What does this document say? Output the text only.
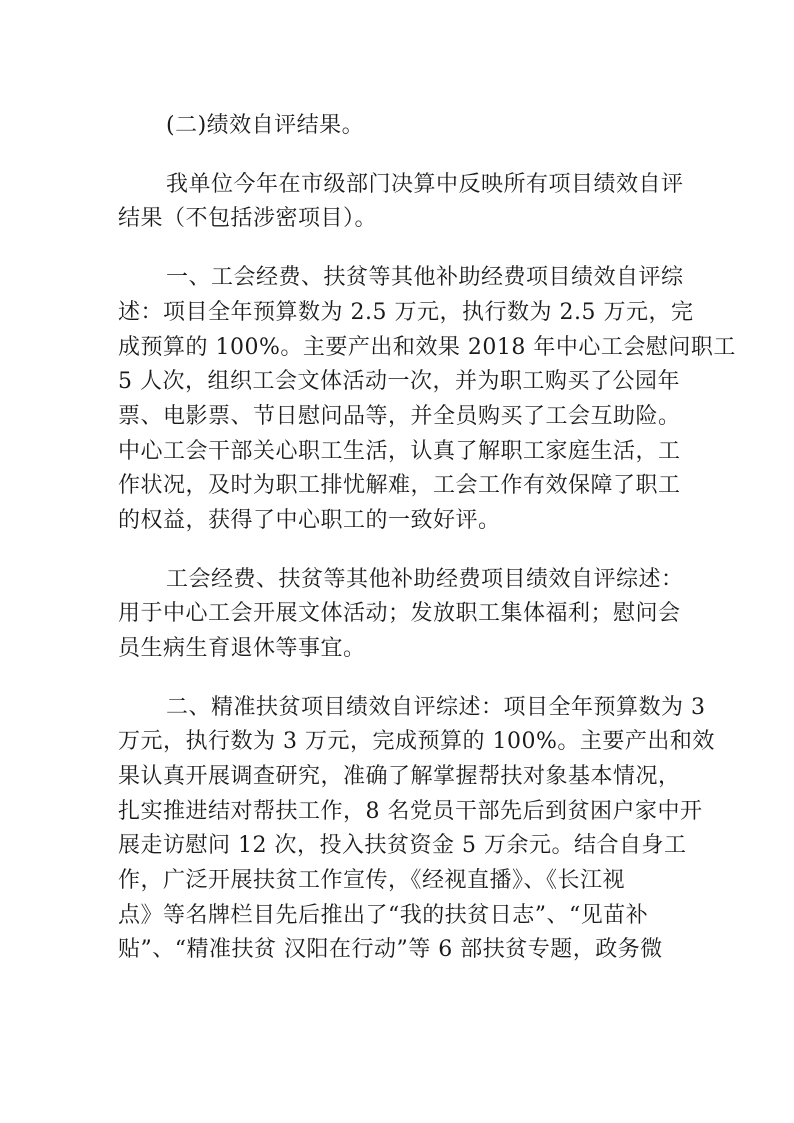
(二)绩效自评结果。
我单位今年在市级部门决算中反映所有项目绩效自评
结果（不包括涉密项目）。
一、工会经费、扶贫等其他补助经费项目绩效自评综
述：项目全年预算数为 2.5 万元，执行数为 2.5 万元，完
成预算的 100%。主要产出和效果 2018 年中心工会慰问职工
5 人次，组织工会文体活动一次，并为职工购买了公园年
票、电影票、节日慰问品等，并全员购买了工会互助险。
中心工会干部关心职工生活，认真了解职工家庭生活，工
作状况，及时为职工排忧解难，工会工作有效保障了职工
的权益，获得了中心职工的一致好评。
工会经费、扶贫等其他补助经费项目绩效自评综述：
用于中心工会开展文体活动；发放职工集体福利；慰问会
员生病生育退休等事宜。
二、精准扶贫项目绩效自评综述：项目全年预算数为 3
万元，执行数为 3 万元，完成预算的 100%。主要产出和效
果认真开展调查研究，准确了解掌握帮扶对象基本情况，
扎实推进结对帮扶工作，8 名党员干部先后到贫困户家中开
展走访慰问 12 次，投入扶贫资金 5 万余元。结合自身工
作，广泛开展扶贫工作宣传，《经视直播》、《长江视
点》等名牌栏目先后推出了“我的扶贫日志”、“见苗补
贴”、“精准扶贫 汉阳在行动”等 6 部扶贫专题，政务微
